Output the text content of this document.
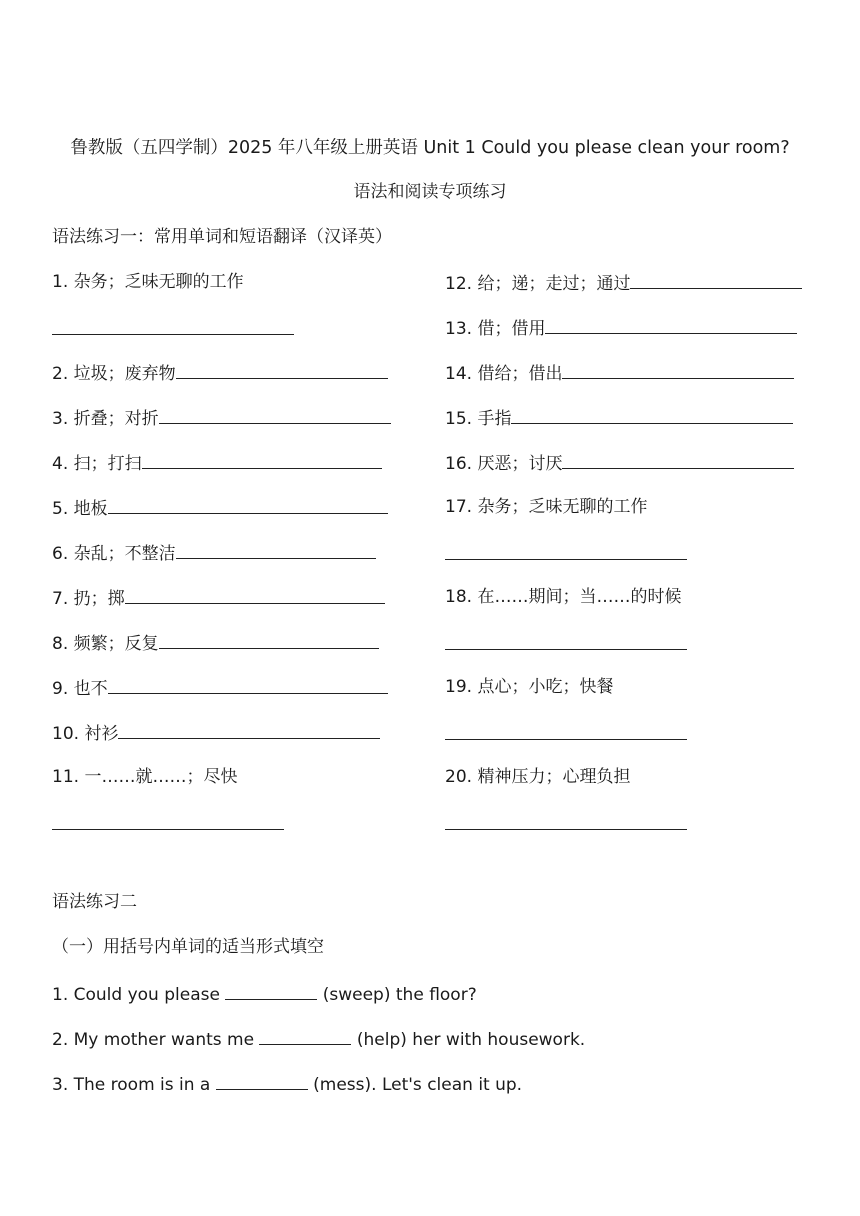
鲁教版（五四学制）2025 年八年级上册英语 Unit 1 Could you please clean your room?
语法和阅读专项练习
语法练习一：常用单词和短语翻译（汉译英）
1. 杂务；乏味无聊的工作
2. 垃圾；废弃物
3. 折叠；对折
4. 扫；打扫
5. 地板
6. 杂乱；不整洁
7. 扔；掷
8. 频繁；反复
9. 也不
10. 衬衫
11. 一……就……；尽快
12. 给；递；走过；通过
13. 借；借用
14. 借给；借出
15. 手指
16. 厌恶；讨厌
17. 杂务；乏味无聊的工作
18. 在……期间；当……的时候
19. 点心；小吃；快餐
20. 精神压力；心理负担
语法练习二
（一）用括号内单词的适当形式填空
1. Could you please	(sweep) the floor?
2. My mother wants me	(help) her with housework.
3. The room is in a	(mess). Let's clean it up.
